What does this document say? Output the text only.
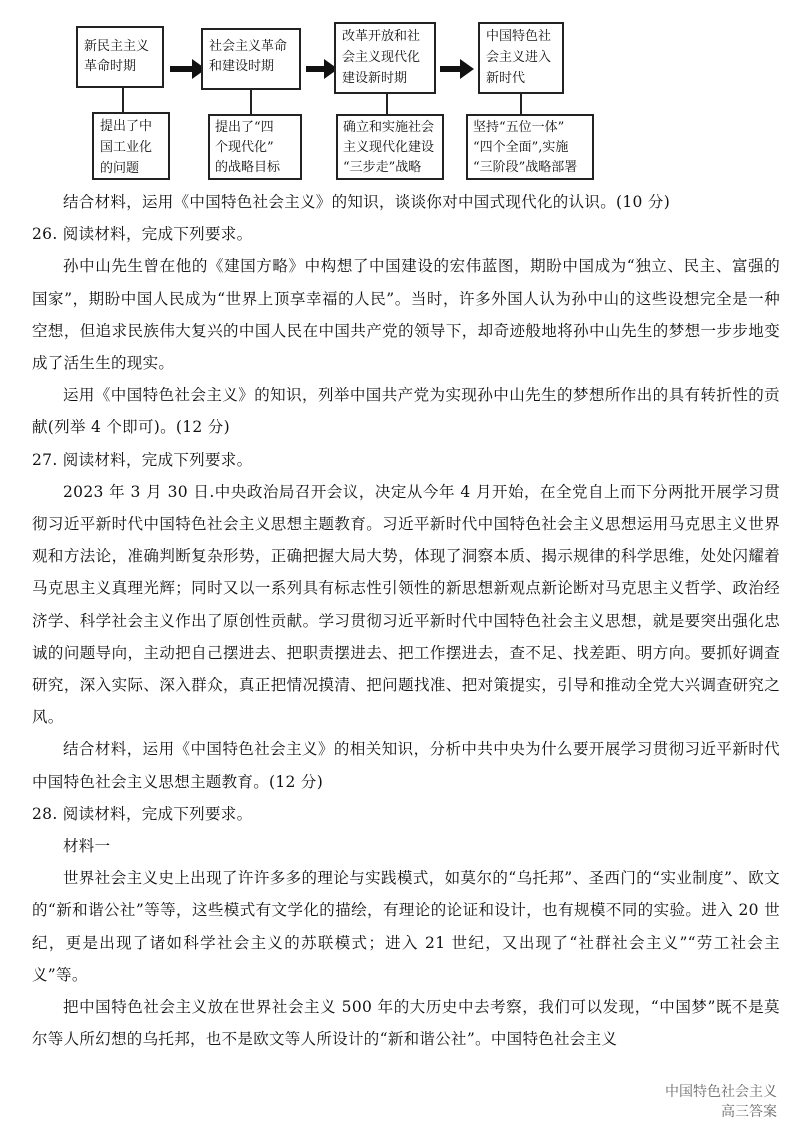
新民主主义
革命时期
社会主义革命
和建设时期
改革开放和社
会主义现代化
建设新时期
中国特色社
会主义进入
新时代
提出了中
国工业化
的问题
提出了“四
个现代化”
的战略目标
确立和实施社会
主义现代化建设
“三步走”战略
坚持“五位一体”
“四个全面”,实施
“三阶段”战略部署

结合材料，运用《中国特色社会主义》的知识，谈谈你对中国式现代化的认识。(10 分)

26. 阅读材料，完成下列要求。

孙中山先生曾在他的《建国方略》中构想了中国建设的宏伟蓝图，期盼中国成为“独立、民主、富强的国家”，期盼中国人民成为“世界上顶享幸福的人民”。当时，许多外国人认为孙中山的这些设想完全是一种空想，但追求民族伟大复兴的中国人民在中国共产党的领导下，却奇迹般地将孙中山先生的梦想一步步地变成了活生生的现实。

运用《中国特色社会主义》的知识，列举中国共产党为实现孙中山先生的梦想所作出的具有转折性的贡献(列举 4 个即可)。(12 分)

27. 阅读材料，完成下列要求。

2023 年 3 月 30 日.中央政治局召开会议，决定从今年 4 月开始，在全党自上而下分两批开展学习贯彻习近平新时代中国特色社会主义思想主题教育。习近平新时代中国特色社会主义思想运用马克思主义世界观和方法论，准确判断复杂形势，正确把握大局大势，体现了洞察本质、揭示规律的科学思维，处处闪耀着马克思主义真理光辉；同时又以一系列具有标志性引领性的新思想新观点新论断对马克思主义哲学、政治经济学、科学社会主义作出了原创性贡献。学习贯彻习近平新时代中国特色社会主义思想，就是要突出强化忠诚的问题导向，主动把自己摆进去、把职责摆进去、把工作摆进去，查不足、找差距、明方向。要抓好调查研究，深入实际、深入群众，真正把情况摸清、把问题找准、把对策提实，引导和推动全党大兴调查研究之风。

结合材料，运用《中国特色社会主义》的相关知识，分析中共中央为什么要开展学习贯彻习近平新时代中国特色社会主义思想主题教育。(12 分)

28. 阅读材料，完成下列要求。

材料一

世界社会主义史上出现了许许多多的理论与实践模式，如莫尔的“乌托邦”、圣西门的“实业制度”、欧文的“新和谐公社”等等，这些模式有文学化的描绘，有理论的论证和设计，也有规模不同的实验。进入 20 世纪，更是出现了诸如科学社会主义的苏联模式；进入 21 世纪，又出现了“社群社会主义”“劳工社会主义”等。

把中国特色社会主义放在世界社会主义 500 年的大历史中去考察，我们可以发现，“中国梦”既不是莫尔等人所幻想的乌托邦，也不是欧文等人所设计的“新和谐公社”。中国特色社会主义

中国特色社会主义
高三答案
